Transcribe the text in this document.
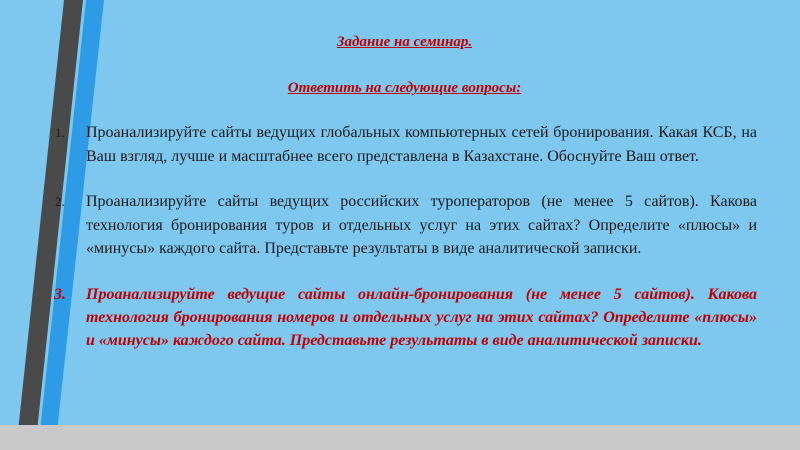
Задание на семинар.

Ответить на следующие вопросы:

1. Проанализируйте сайты ведущих глобальных компьютерных сетей бронирования. Какая КСБ, на Ваш взгляд, лучше и масштабнее всего представлена в Казахстане. Обоснуйте Ваш ответ.
2. Проанализируйте сайты ведущих российских туроператоров (не менее 5 сайтов). Какова технология бронирования туров и отдельных услуг на этих сайтах? Определите «плюсы» и «минусы» каждого сайта. Представьте результаты в виде аналитической записки.
3. Проанализируйте ведущие сайты онлайн-бронирования (не менее 5 сайтов). Какова технология бронирования номеров и отдельных услуг на этих сайтах? Определите «плюсы» и «минусы» каждого сайта. Представьте результаты в виде аналитической записки.
